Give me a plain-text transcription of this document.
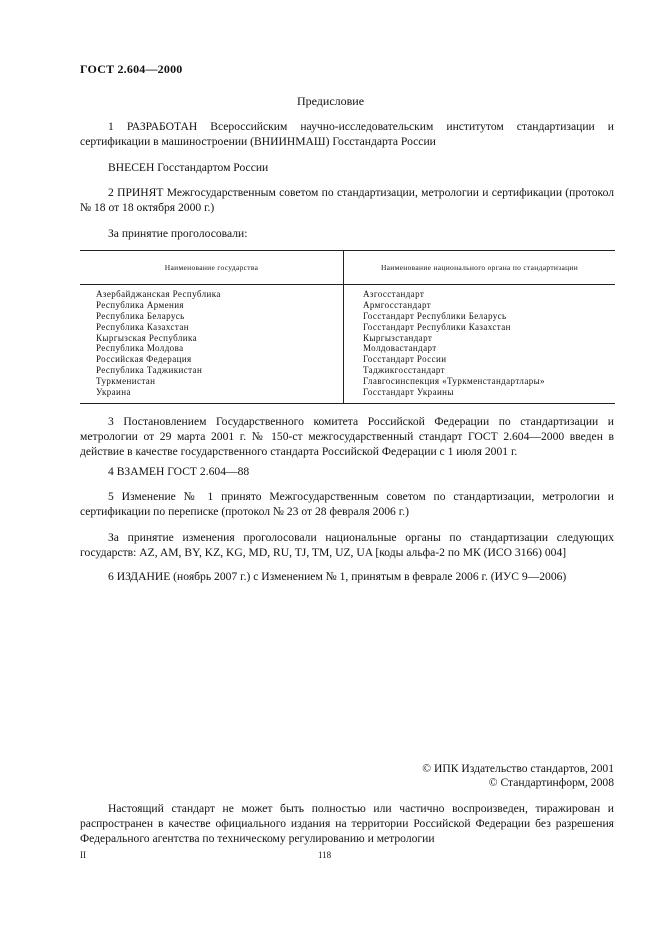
ГОСТ 2.604—2000
Предисловие
1 РАЗРАБОТАН Всероссийским научно-исследовательским институтом стандартизации и сертификации в машиностроении (ВНИИНМАШ) Госстандарта России
ВНЕСЕН Госстандартом России
2 ПРИНЯТ Межгосударственным советом по стандартизации, метрологии и сертификации (протокол № 18 от 18 октября 2000 г.)
За принятие проголосовали:
Наименование государства	Наименование национального органа по стандартизации
Азербайджанская Республика
Республика Армения
Республика Беларусь
Республика Казахстан
Кыргызская Республика
Республика Молдова
Российская Федерация
Республика Таджикистан
Туркменистан
Украина
Азгосстандарт
Армгосстандарт
Госстандарт Республики Беларусь
Госстандарт Республики Казахстан
Кыргызстандарт
Молдовастандарт
Госстандарт России
Таджикгосстандарт
Главгосинспекция «Туркменстандартлары»
Госстандарт Украины
3 Постановлением Государственного комитета Российской Федерации по стандартизации и метрологии от 29 марта 2001 г. № 150-ст межгосударственный стандарт ГОСТ 2.604—2000 введен в действие в качестве государственного стандарта Российской Федерации с 1 июля 2001 г.
4 ВЗАМЕН ГОСТ 2.604—88
5 Изменение № 1 принято Межгосударственным советом по стандартизации, метрологии и сертификации по переписке (протокол № 23 от 28 февраля 2006 г.)
За принятие изменения проголосовали национальные органы по стандартизации следующих государств: AZ, AM, BY, KZ, KG, MD, RU, TJ, TM, UZ, UA [коды альфа-2 по МК (ИСО 3166) 004]
6 ИЗДАНИЕ (ноябрь 2007 г.) с Изменением № 1, принятым в феврале 2006 г. (ИУС 9—2006)
© ИПК Издательство стандартов, 2001
© Стандартинформ, 2008
Настоящий стандарт не может быть полностью или частично воспроизведен, тиражирован и распространен в качестве официального издания на территории Российской Федерации без разрешения Федерального агентства по техническому регулированию и метрологии
II	118
